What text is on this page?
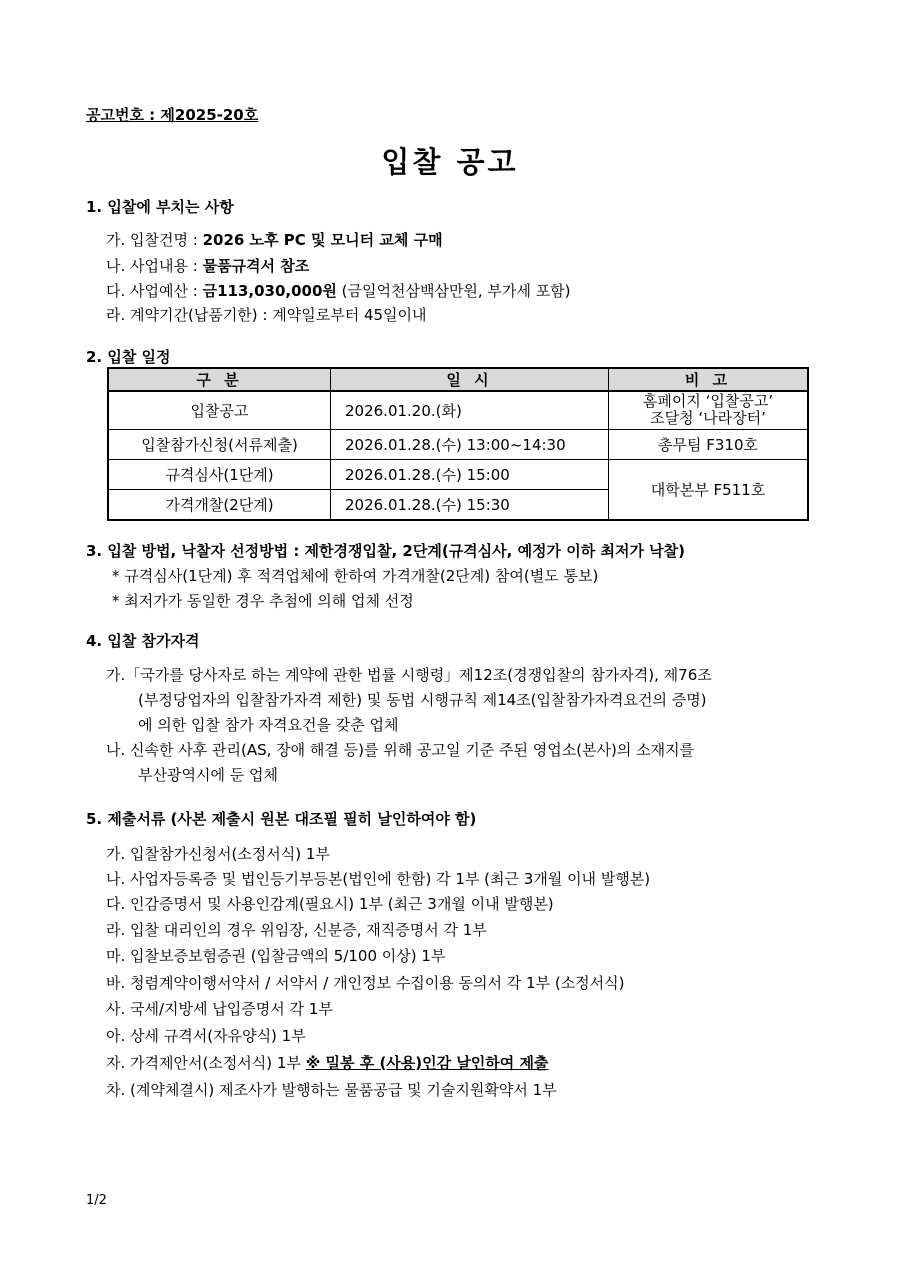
공고번호 : 제2025-20호
입찰 공고
1. 입찰에 부치는 사항
가. 입찰건명 : 2026 노후 PC 및 모니터 교체 구매
나. 사업내용 : 물품규격서 참조
다. 사업예산 : 금113,030,000원 (금일억천삼백삼만원, 부가세 포함)
라. 계약기간(납품기한) : 계약일로부터 45일이내
2. 입찰 일정
구 분	일 시	비 고
입찰공고	2026.01.20.(화)	홈페이지 ‘입찰공고’
조달청 ‘나라장터’

입찰참가신청(서류제출)	2026.01.28.(수) 13:00~14:30	총무팀 F310호
규격심사(1단계)	2026.01.28.(수) 15:00	대학본부 F511호
가격개찰(2단계)	2026.01.28.(수) 15:30	
3. 입찰 방법, 낙찰자 선정방법 : 제한경쟁입찰, 2단계(규격심사, 예정가 이하 최저가 낙찰)
* 규격심사(1단계) 후 적격업체에 한하여 가격개찰(2단계) 참여(별도 통보)
* 최저가가 동일한 경우 추첨에 의해 업체 선정
4. 입찰 참가자격
가.「국가를 당사자로 하는 계약에 관한 법률 시행령」제12조(경쟁입찰의 참가자격), 제76조
(부정당업자의 입찰참가자격 제한) 및 동법 시행규칙 제14조(입찰참가자격요건의 증명)
에 의한 입찰 참가 자격요건을 갖춘 업체
나. 신속한 사후 관리(AS, 장애 해결 등)를 위해 공고일 기준 주된 영업소(본사)의 소재지를
부산광역시에 둔 업체
5. 제출서류 (사본 제출시 원본 대조필 필히 날인하여야 함)
가. 입찰참가신청서(소정서식) 1부
나. 사업자등록증 및 법인등기부등본(법인에 한함) 각 1부 (최근 3개월 이내 발행본)
다. 인감증명서 및 사용인감계(필요시) 1부 (최근 3개월 이내 발행본)
라. 입찰 대리인의 경우 위임장, 신분증, 재직증명서 각 1부
마. 입찰보증보험증권 (입찰금액의 5/100 이상) 1부
바. 청렴계약이행서약서 / 서약서 / 개인정보 수집이용 동의서 각 1부 (소정서식)
사. 국세/지방세 납입증명서 각 1부
아. 상세 규격서(자유양식) 1부
자. 가격제안서(소정서식) 1부 ※ 밀봉 후 (사용)인감 날인하여 제출
차. (계약체결시) 제조사가 발행하는 물품공급 및 기술지원확약서 1부
1/2
